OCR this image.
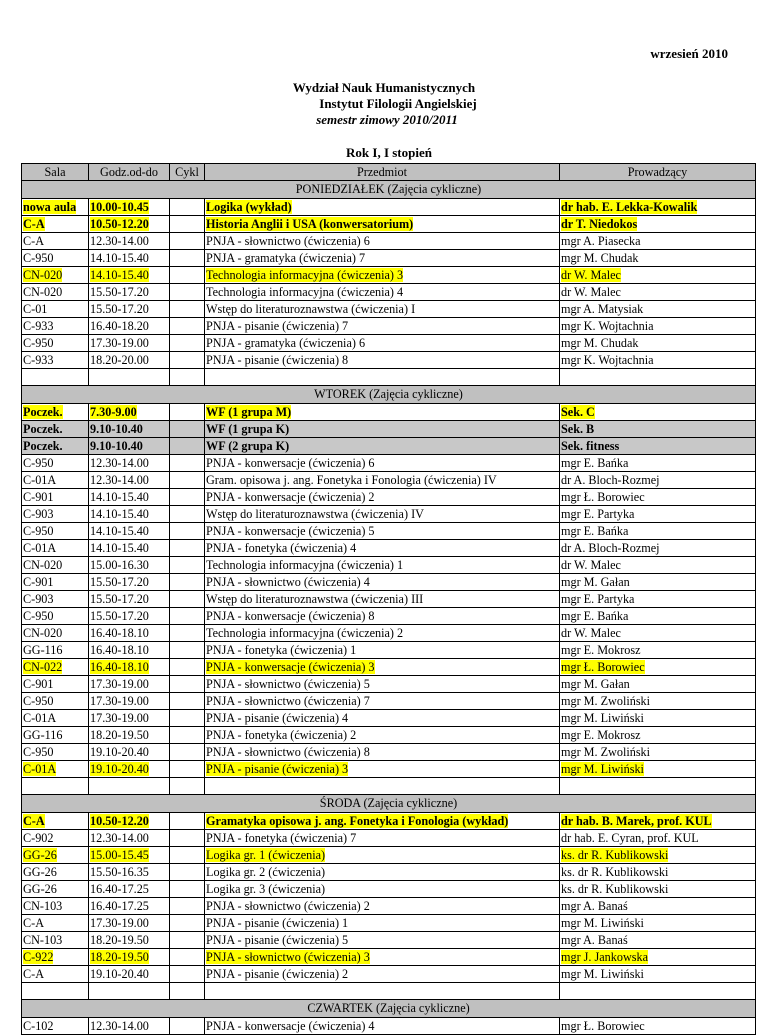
wrzesień 2010
Wydział Nauk Humanistycznych
Instytut Filologii Angielskiej
semestr zimowy 2010/2011
Rok I, I stopień
Sala	Godz.od-do	Cykl	Przedmiot	Prowadzący
PONIEDZIAŁEK (Zajęcia cykliczne)				
nowa aula	10.00-10.45		Logika (wykład)	dr hab. E. Lekka-Kowalik
C-A	10.50-12.20		Historia Anglii i USA (konwersatorium)	dr T. Niedokos
C-A	12.30-14.00		PNJA - słownictwo (ćwiczenia) 6	mgr A. Piasecka
C-950	14.10-15.40		PNJA - gramatyka (ćwiczenia) 7	mgr M. Chudak
CN-020	14.10-15.40		Technologia informacyjna (ćwiczenia) 3	dr W. Malec
CN-020	15.50-17.20		Technologia informacyjna (ćwiczenia) 4	dr W. Malec
C-01	15.50-17.20		Wstęp do literaturoznawstwa (ćwiczenia) I	mgr A. Matysiak
C-933	16.40-18.20		PNJA - pisanie (ćwiczenia) 7	mgr K. Wojtachnia
C-950	17.30-19.00		PNJA - gramatyka (ćwiczenia) 6	mgr M. Chudak
C-933	18.20-20.00		PNJA - pisanie (ćwiczenia) 8	mgr K. Wojtachnia

WTOREK (Zajęcia cykliczne)				
Poczek.	7.30-9.00		WF (1 grupa M)	Sek. C
Poczek.	9.10-10.40		WF (1 grupa K)	Sek. B
Poczek.	9.10-10.40		WF (2 grupa K)	Sek. fitness
C-950	12.30-14.00		PNJA - konwersacje (ćwiczenia) 6	mgr E. Bańka
C-01A	12.30-14.00		Gram. opisowa j. ang. Fonetyka i Fonologia (ćwiczenia) IV	dr A. Bloch-Rozmej
C-901	14.10-15.40		PNJA - konwersacje (ćwiczenia) 2	mgr Ł. Borowiec
C-903	14.10-15.40		Wstęp do literaturoznawstwa (ćwiczenia) IV	mgr E. Partyka
C-950	14.10-15.40		PNJA - konwersacje (ćwiczenia) 5	mgr E. Bańka
C-01A	14.10-15.40		PNJA - fonetyka (ćwiczenia) 4	dr A. Bloch-Rozmej
CN-020	15.00-16.30		Technologia informacyjna (ćwiczenia) 1	dr W. Malec
C-901	15.50-17.20		PNJA - słownictwo (ćwiczenia) 4	mgr M. Gałan
C-903	15.50-17.20		Wstęp do literaturoznawstwa (ćwiczenia) III	mgr E. Partyka
C-950	15.50-17.20		PNJA - konwersacje (ćwiczenia) 8	mgr E. Bańka
CN-020	16.40-18.10		Technologia informacyjna (ćwiczenia) 2	dr W. Malec
GG-116	16.40-18.10		PNJA - fonetyka (ćwiczenia) 1	mgr E. Mokrosz
CN-022	16.40-18.10		PNJA - konwersacje (ćwiczenia) 3	mgr Ł. Borowiec
C-901	17.30-19.00		PNJA - słownictwo (ćwiczenia) 5	mgr M. Gałan
C-950	17.30-19.00		PNJA - słownictwo (ćwiczenia) 7	mgr M. Zwoliński
C-01A	17.30-19.00		PNJA - pisanie (ćwiczenia) 4	mgr M. Liwiński
GG-116	18.20-19.50		PNJA - fonetyka (ćwiczenia) 2	mgr E. Mokrosz
C-950	19.10-20.40		PNJA - słownictwo (ćwiczenia) 8	mgr M. Zwoliński
C-01A	19.10-20.40		PNJA - pisanie (ćwiczenia) 3	mgr M. Liwiński

ŚRODA (Zajęcia cykliczne)				
C-A	10.50-12.20		Gramatyka opisowa j. ang. Fonetyka i Fonologia (wykład)	dr hab. B. Marek, prof. KUL
C-902	12.30-14.00		PNJA - fonetyka (ćwiczenia) 7	dr hab. E. Cyran, prof. KUL
GG-26	15.00-15.45		Logika gr. 1 (ćwiczenia)	ks. dr R. Kublikowski
GG-26	15.50-16.35		Logika gr. 2 (ćwiczenia)	ks. dr R. Kublikowski
GG-26	16.40-17.25		Logika gr. 3 (ćwiczenia)	ks. dr R. Kublikowski
CN-103	16.40-17.25		PNJA - słownictwo (ćwiczenia) 2	mgr A. Banaś
C-A	17.30-19.00		PNJA - pisanie (ćwiczenia) 1	mgr M. Liwiński
CN-103	18.20-19.50		PNJA - pisanie (ćwiczenia) 5	mgr A. Banaś
C-922	18.20-19.50		PNJA - słownictwo (ćwiczenia) 3	mgr J. Jankowska
C-A	19.10-20.40		PNJA - pisanie (ćwiczenia) 2	mgr M. Liwiński

CZWARTEK (Zajęcia cykliczne)				
C-102	12.30-14.00		PNJA - konwersacje (ćwiczenia) 4	mgr Ł. Borowiec
